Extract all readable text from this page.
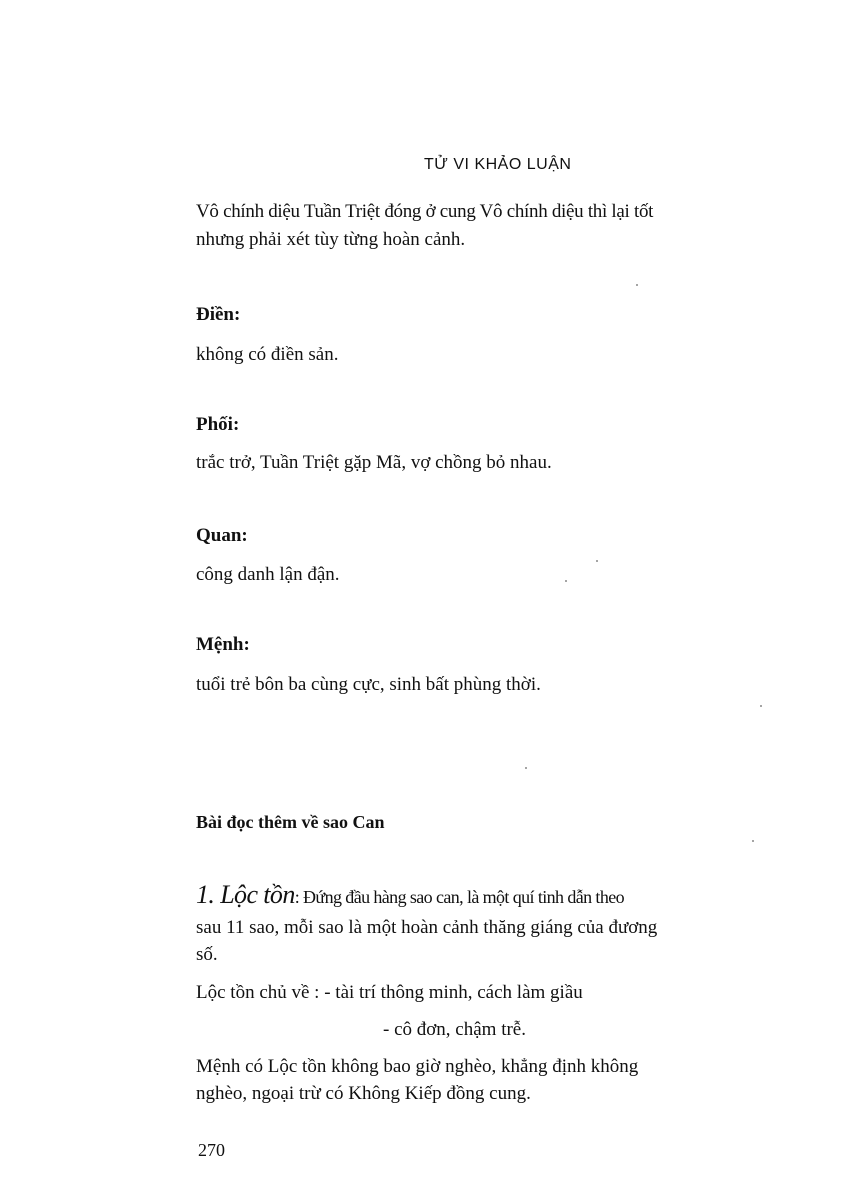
TỬ VI KHẢO LUẬN
Vô chính diệu Tuần Triệt đóng ở cung Vô chính diệu thì lại tốt
nhưng phải xét tùy từng hoàn cảnh.
Điền:
không có điền sản.
Phối:
trắc trở, Tuần Triệt gặp Mã, vợ chồng bỏ nhau.
Quan:
công danh lận đận.
Mệnh:
tuổi trẻ bôn ba cùng cực, sinh bất phùng thời.
Bài đọc thêm về sao Can
1. Lộc tồn: Đứng đầu hàng sao can, là một quí tinh dẫn theo
sau 11 sao, mỗi sao là một hoàn cảnh thăng giáng của đương
số.
Lộc tồn chủ về : - tài trí thông minh, cách làm giầu
- cô đơn, chậm trễ.
Mệnh có Lộc tồn không bao giờ nghèo, khẳng định không
nghèo, ngoại trừ có Không Kiếp đồng cung.
270
